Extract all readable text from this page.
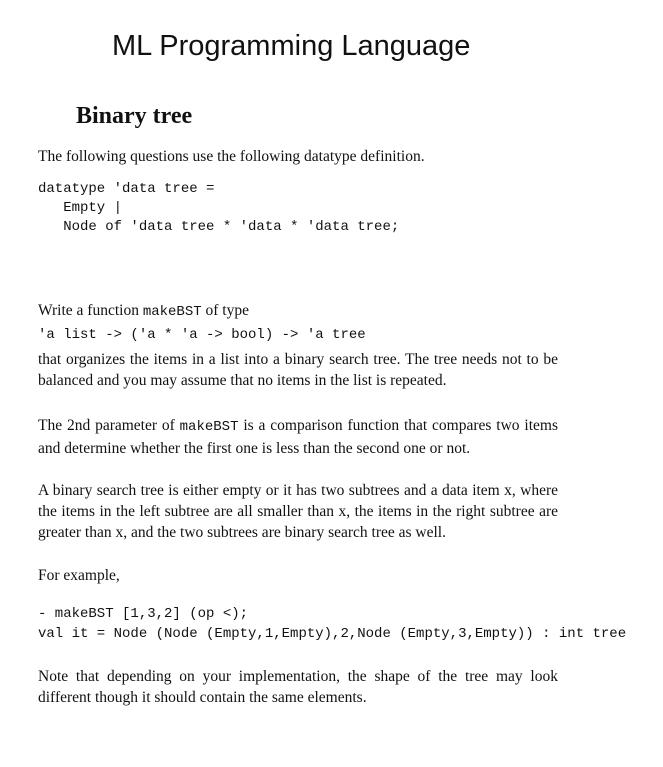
ML Programming Language
Binary tree
The following questions use the following datatype definition.
datatype 'data tree =
Empty |
Node of 'data tree * 'data * 'data tree;
Write a function makeBST of type
'a list -> ('a * 'a -> bool) -> 'a tree
that organizes the items in a list into a binary search tree. The tree needs not to be balanced and you may assume that no items in the list is repeated.
The 2nd parameter of makeBST is a comparison function that compares two items and determine whether the first one is less than the second one or not.
A binary search tree is either empty or it has two subtrees and a data item x, where the items in the left subtree are all smaller than x, the items in the right subtree are greater than x, and the two subtrees are binary search tree as well.
For example,
- makeBST [1,3,2] (op <);
val it = Node (Node (Empty,1,Empty),2,Node (Empty,3,Empty)) : int tree
Note that depending on your implementation, the shape of the tree may look different though it should contain the same elements.
